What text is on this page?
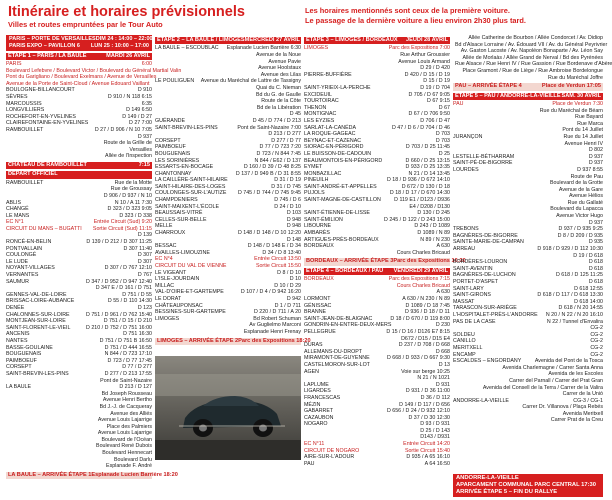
Itinéraire et horaires prévisionnels
Villes et routes empruntées par le Tour Auto
Les horaires mentionnés sont ceux de la première voiture.
Le passage de la dernière voiture a lieu environ 2h30 plus tard.
PARIS – PORTE DE VERSAILLES DIM 24 : 14:00 – 22:00
PARIS EXPO – PAVILLON 6 LUN 25 : 10:00 – 17:00
ÉTAPE 1 – PARIS / LA BAULE	MARDI 26 AVRIL
PARIS	6:00
Boulevard Lefebvre / Boulevard Victor / Boulevard du Général Martial Valin
Pont du Garigliano / Boulevard Exelmans / Avenue de Versailles
Avenue de la Porte de Saint-Cloud / Avenue Edouard Vaillant
BOULOGNE-BILLANCOURT	D 910
SÈVRES	D 910 / N 118 6:15
MARCOUSSIS	6:35
LONGVILLIERS	D 149 6:50
ROCHEFORT-EN-YVELINES	D 149 / D 27
CLAIREFONTAINE-EN-YVELINES	D 27 7:00
RAMBOUILLET	D 27 / D 906 / N 10 7:05
D 937
Route de la Grille de
Versailles
Allée de l'Inspection
CHÂTEAU DE RAMBOUILLET	7:15
DÉPART OFFICIEL
RAMBOUILLET	Rue de la Motte
Rue de Groussay
D 906 / D 937 / N 10
ABLIS	N 10 / A 11 7:30
CHANGÉ	D 323 / D 323 9:05
LE MANS	D 323 / D 338
EC N°1	Entrée Circuit (Sud) 9:20
CIRCUIT DU MANS – BUGATTI	Sortie Circuit (Sud) 11:15
D 139
RONCÉ-EN-BELIN	D 139 / D 212 / D 307 11:25
PONTVALLAIN	D 307 11:40
COULONGÉ	D 307
LE LUDE	D 307
NOYANT-VILLAGES	D 307 / D 767 12:10
VERNANTES	D 767
SAUMUR	D 347 / D 952 / D 947 12:40
D 347 E / D 161 / D 751
GENNES-VAL-DE-LOIRE	D 751 / D 55
BRISSAC-LOIRE-AUBANCE	D 55 / D 110 14:30
DENÉE	D 123
CHALONNES-SUR-LOIRE	D 751 / D 961 / D 762 15:40
MONTJEAN-SUR-LOIRE	D 751 / D 15 / D 210
SAINT-FLORENT-LE-VIEIL	D 210 / D 752 / D 751 16:00
ANCENIS	D 751 16:30
NANTES	D 751 / D 751 B 16:50
BASSE-GOULAINE	D 751 / D 444 16:55
BOUGUENAIS	N 844 / D 723 17:10
PAIMBOEUF	D 723 / D 77 17:45
CORSEPT	D 77 / D 277
SAINT-BREVIN-LES-PINS	D 277 / D 213 17:55
Pont de Saint-Nazaire
LA BAULE	D 213 / D 127
Bd Joseph Rousseau
Avenue Henri Bertho
Bd J.-J. de Cacqueray
Avenue des Alliés
Avenue Louis Lajarrige
Place des Palmiers
Avenue Louis Lajarrige
Boulevard de l'Océan
Boulevard René Dubois
Boulevard Hennecart
Boulevard Darlu
Esplanade F. André
LA BAULE – ARRIVÉE ÉTAPE 1 Esplanade Lucien Barrière 18:20
ÉTAPE 2 – LA BAULE / LIMOGES MERCREDI 27 AVRIL
LA BAULE – ESCOUBLAC	Esplanade Lucien Barrière 6:30
Avenue de la Noue
Avenue Pavie
Avenue Hoolstaux
Avenue des Lilas
LE POULIGUEN	Avenue du Maréchal de Lattre de Tassigny
Quai du C. Nieman
Bd du G. de Gaulle
Route de la Côte
Bd de la Libération
D 45
GUÉRANDE	D 45 / D 774 / D 213
SAINT-BREVIN-LES-PINS	Pont de Saint-Nazaire 7:00
D 213 / D 277
CORSEPT	D 277 / D 77
PAIMBOEUF	D 77 / D 723 7:20
BOUGUENAIS	D 723 / N 844 7:45
LES SORINIÈRES	N 844 / E62 / D 137
ESSARTS-EN-BOCAGE	D 160 / D 39 / D 48 8:25
CHANTONNAY	D 137 / D 949 B / D 31 8:55
LA CAILLÈRE-SAINT-HILAIRE	D 31 / D 19
SAINT-HILAIRE-DES-LOGES	D 31 / D 745
COULONGES-SUR-L'AUTIZE	D 745 / D 744 / D 745 9:45
CHAMPDENIERS	D 745 / D 6
SAINT-MAIXENT-L'ÉCOLE	D 24 / D 10
BEAUSSAIS-VITRÉ	D 103
CELLES-SUR-BELLE	D 948
MELLE	D 948
CHARROUX	D 148 / D 148 / D 10 12:20
D 148
BESSAC	D 148 / D 148 E / D 34
AVAILLES-LIMOUZINE	D 34 / D 8 13:40
EC N°4	Entrée Circuit 13:50
CIRCUIT DU VAL DE VIENNE	Sortie Circuit 15:50
LE VIGEANT	D 8 / D 10
L'ISLE-JOURDAIN	D 10
MILLAC	D 10 / D 29
VAL-D'OIRE-ET-GARTEMPE	D 107 / D 4 / D 942 16:20
LE DORAT	D 942
CHÂTEAUPONSAC	D 1 / D 711
BESSINES-SUR-GARTEMPE	D 220 / D 711 / A 20
LIMOGES	Bd Robert Schuman
Av Guglielmo Marconi
Esplanade Henri Frenay
LIMOGES – ARRIVÉE ÉTAPE 2 Parc des Expositions 18:20
ÉTAPE 3 – LIMOGES / BORDEAUX JEUDI 28 AVRIL
LIMOGES	Parc des Expositions 7:00
Rue Arthur Groussier
Avenue Louis Armand
D 29 / D 420
PIERRE-BUFFIÈRE	D 420 / D 15 / D 19
D 15 / D 19
SAINT-YRIEIX-LA-PERCHE	D 19 / D 704
EXCIDEUIL	D 705 / D 67 9:05
TOURTOIRAC	D 67 9:15
THENON	D 67
MONTIGNAC	D 67 / D 706 9:50
LES EYZIES	D 706 / D 47
SARLAT-LA-CANÉDA	D 47 / D 6 / D 704 / D 46
LA ROQUE-GAGEAC	D 703
BEYNAC-ET-CAZENAC	D 703
SIORAC-EN-PÉRIGORD	D 703 / D 25 11:45
LE BUISSON-DE-CADOUIN	D 25
BEAUMONTOIS-EN-PÉRIGORD	D 660 / D 25 13:15
EYMET	D 933 / D 25 13:35
MONBAZILLAC	N 21 / D 14 13:45
PINEUILH	D 18 / D 936 / D 672 14:10
SAINT-ANDRÉ-ET-APPELLES	D 672 / D 130 / D 18
PUJOLS	D 18 / D 17 / D 670 14:30
SAINT-MAGNE-DE-CASTILLON	D 119 E1 / D123 / D936
E4 / D208 / D130
SAINT-ÉTIENNE-DE-LISSE	D 130 / D 245
SAINT-ÉMILION	D 245 / D 122 / D 243 15:00
LIBOURNE	D 243 / D 1089
AMBARÈS	D 1089 / N 89
ARTIGUES-PRÈS-BORDEAUX	N 89 / N 230
BORDEAUX	A 630
Cours Charles Bricaud
BORDEAUX – ARRIVÉE ÉTAPE 3 Parc des Expositions 16:30
ÉTAPE 4 – BORDEAUX / PAU VENDREDI 29 AVRIL
BORDEAUX	Parc des Expositions 7:15
Cours Charles Bricaud
A 630
LORMONT	A 630 / N 230 / N 89
GÉNISSAC	D 1089 / D 18 7:45
BRANNE	D 936 / D 18 / D 11
SAINT-JEAN-DE-BLAIGNAC	D 18 / D 670 / D 119 8:00
GONDRIN-EN-ENTRE-DEUX-MERS	D 230
PELLEGRUE	D 15 / D 16 / D126 E7 8:15
D672 / D15 / D15 E4
DURAS	D 237 / D 708 / D 668
ALLEMANS-DU-DROPT	D 668
MIRAMONT-DE-GUYENNE	D 668 / D 933 / D 667 9:30
CASTELMORON-SUR-LOT	D 13
AGEN	Voie sur berge 10:25
N 21 / N 1021
LAPLUME	D 931
LIGARDES	D 931 / D 36 11:00
FRANCESCAS	D 36 / D 112
MÉZIN	D 149 / D 117 / D 656
GABARRET	D 656 / D 24 / D 932 12:10
CAZAUBON	D 37 / D 30 12:30
NOGARO	D 93 / D 931
D 25 / D 143
D143 / D931
EC N°11	Entrée Circuit 14:20
CIRCUIT DE NOGARO	Sortie Circuit 15:40
AIRE-SUR-L'ADOUR	D 935 / A 65 16:10
PAU	A 64 16:50
Allée Catherine de Bourbon / Allée Condorcet / Av. Didiop
Bd d'Alsace Lorraine / Av. Édouard VII / Av. du Général Peyrivrier
Av. Gaston Lacoste / Av. Napoléon Bonaparte / Av. Léon Say
Allée de Morlaàs / Allée Grand de Nerval / Bd des Pyrénées
Rue Alsace / Rue Henri IV / Rue Gassion / Rue Bordenave d'Abère
Place Gramont / Rue de Liège / Rue Ambroise Bordelongue
Rue du Maréchal Joffre
PAU – ARRIVÉE ÉTAPE 4	Place de Verdun 17:05
ÉTAPE 5 – PAU / ANDORRE-LA-VIEILLE SAM. 30 AVRIL
PAU	Place de Verdun 7:30
Rue du Maréchal de Béarn
Rue Bayard
Rue Marca
Pont du 14 Juillet
JURANÇON	Rue du 14 Juillet
Avenue Henri IV
D 802
LESTELLE-BÉTHARRAM	D 937
SAINT-PÉ-DE-BIGORRE	D 937
LOURDES	D 937 8:55
Route de Pau
Boulevard de la Grotte
Avenue de la Gare
Avenue Hélios
Rue du Gallaté
Boulevard du Lapacca
Avenue Victor Hugo
D 937
TREBONS	D 937 / D 935 9:25
BAGNÈRES-DE-BIGORRE	D 8 / D 209 / D 935
SAINTE-MARIE-DE-CAMPAN	D 935
ARREAU	D 918 / D 929 / D 112 10:30
D 19 / D 618
BORDÈRES-LOURON	D 618
SAINT-AVENTIN	D 618
BAGNÈRES-DE-LUCHON	D 618 / D 125 11:25
PORTET-D'ASPET	D 618
SAINT-LARY	D 618 12:55
SAINT-GIRONS	D 618 / D 117 / D 618 13:30
MASSAT	D 618 14:00
TARASCON-SUR-ARIÈGE	D 618 / N 20 14:55
L'HOSPITALET-PRÈS-L'ANDORRE	N 20 / N 22 / N 20 16:10
PAS DE LA CASE	N 22 / Tunnel d'Envalira
CG-2
SOLDEU	CG-2
CANILLO	CG-2
MERITXELL	CG-2
ENCAMP	CG-2
ESCALDES – ENGORDANY	Avenida del Pont de la Tosca
Avenida Charlemagne / Carrer Santa Anna
Avenida de les Escoles
Carrer del Parnall / Carrer del Prat Gran
Avenida del Consell de la Terra / Carrer de la Valira
Carrer de la Unió
ANDORRE-LA-VIEILLE	CG-3 / CG-1
Carrer Dr. Villanova / Plaça Rebés
Avenida Meritxell
Carrer Prat de la Creu
ANDORRE-LA-VIEILLE
APARCAMENT COMMUNAL PARC CENTRAL 17:30
ARRIVÉE ÉTAPE 5 – FIN DU RALLYE
